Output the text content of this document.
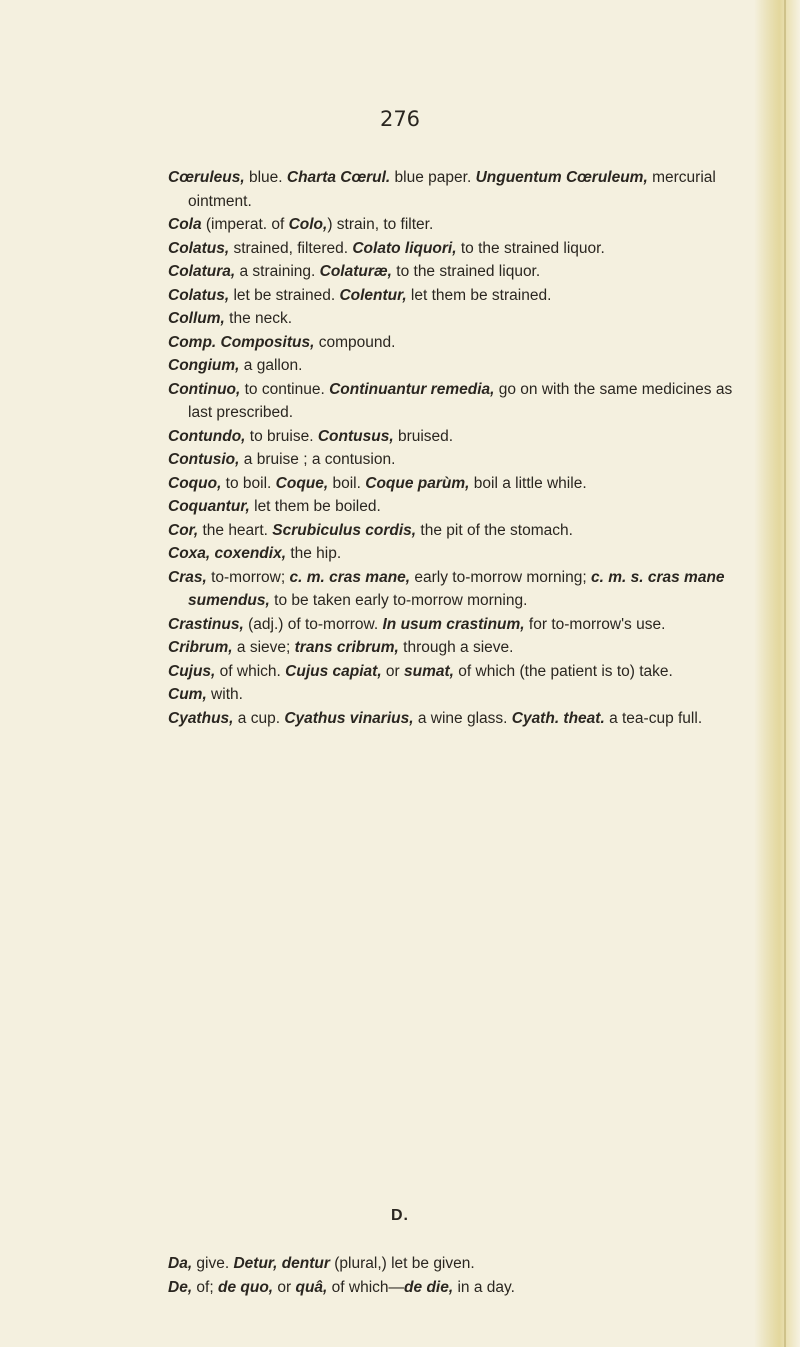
276

Cœruleus, blue. Charta Cœrul. blue paper. Unguentum Cœruleum, mercurial ointment.

Cola (imperat. of Colo,) strain, to filter.

Colatus, strained, filtered. Colato liquori, to the strained liquor.

Colatura, a straining. Colaturæ, to the strained liquor.

Colatus, let be strained. Colentur, let them be strained.

Collum, the neck.

Comp. Compositus, compound.

Congium, a gallon.

Continuo, to continue. Continuantur remedia, go on with the same medicines as last prescribed.

Contundo, to bruise. Contusus, bruised.

Contusio, a bruise ; a contusion.

Coquo, to boil. Coque, boil. Coque parùm, boil a little while.

Coquantur, let them be boiled.

Cor, the heart. Scrubiculus cordis, the pit of the stomach.

Coxa, coxendix, the hip.

Cras, to-morrow; c. m. cras mane, early to-morrow morning; c. m. s. cras mane sumendus, to be taken early to-morrow morning.

Crastinus, (adj.) of to-morrow. In usum crastinum, for to-morrow's use.

Cribrum, a sieve; trans cribrum, through a sieve.

Cujus, of which. Cujus capiat, or sumat, of which (the patient is to) take.

Cum, with.

Cyathus, a cup. Cyathus vinarius, a wine glass. Cyath. theat. a tea-cup full.

D.

Da, give. Detur, dentur (plural,) let be given.

De, of; de quo, or quâ, of which—de die, in a day.
